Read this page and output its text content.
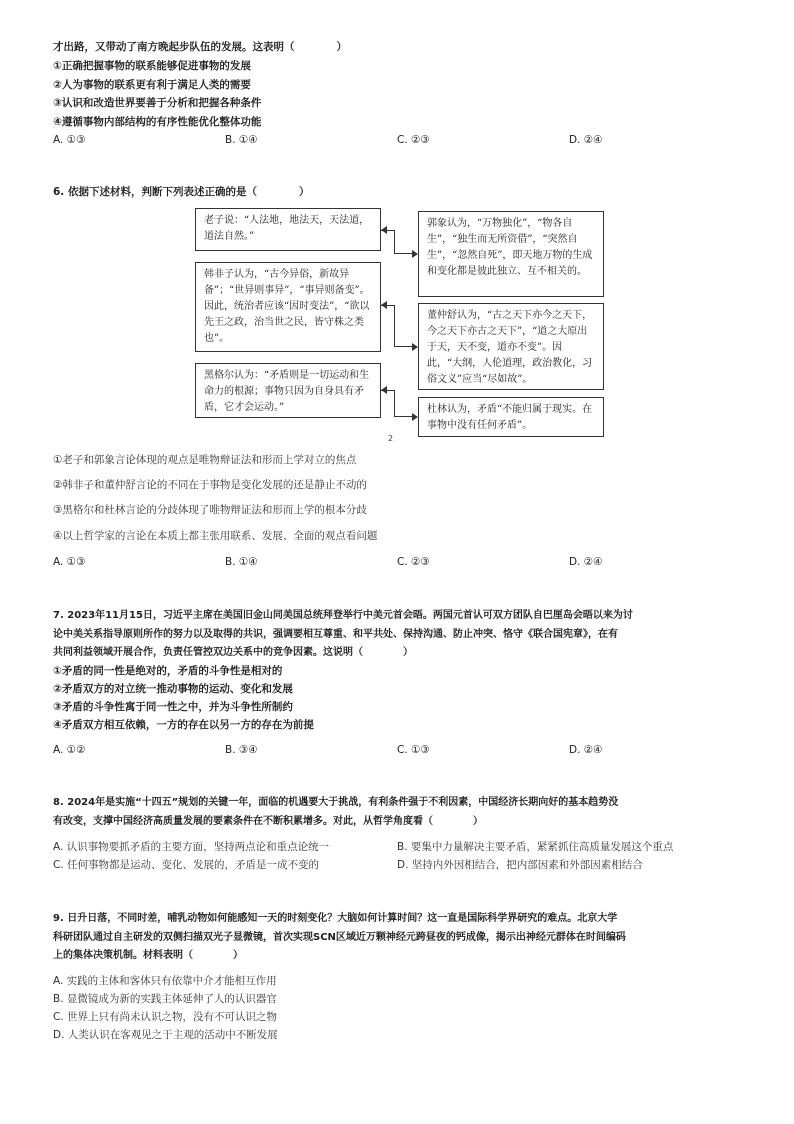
才出路，又带动了南方晚起步队伍的发展。这表明（　　　　）
①正确把握事物的联系能够促进事物的发展
②人为事物的联系更有利于满足人类的需要
③认识和改造世界要善于分析和把握各种条件
④遵循事物内部结构的有序性能优化整体功能
A. ①③	B. ①④	C. ②③	D. ②④
6. 依据下述材料，判断下列表述正确的是（　　　　）
老子说：“人法地，地法天，天法道，道法自然。”
韩非子认为，“古今异俗，新故异备”；“世异则事异”，“事异则备变”。因此，统治者应该“因时变法”，“欲以先王之政，治当世之民，皆守株之类也”。
黑格尔认为：“矛盾则是一切运动和生命力的根源；事物只因为自身具有矛盾，它才会运动。”
郭象认为，“万物独化”，“物各自生”，“独生而无所资借”，“突然自生”，“忽然自死”，即天地万物的生成和变化都是彼此独立、互不相关的。
董仲舒认为，“古之天下亦今之天下，今之天下亦古之天下”，“道之大原出于天，天不变，道亦不变”。因此，“大纲，人伦道理，政治教化，习俗文义”应当“尽如故”。
杜林认为，矛盾“不能归属于现实。在事物中没有任何矛盾”。
2
①老子和郭象言论体现的观点是唯物辩证法和形而上学对立的焦点
②韩非子和董仲舒言论的不同在于事物是变化发展的还是静止不动的
③黑格尔和杜林言论的分歧体现了唯物辩证法和形而上学的根本分歧
④以上哲学家的言论在本质上都主张用联系、发展、全面的观点看问题
A. ①③	B. ①④	C. ②③	D. ②④
7. 2023年11月15日，习近平主席在美国旧金山同美国总统拜登举行中美元首会晤。两国元首认可双方团队自巴厘岛会晤以来为讨
论中美关系指导原则所作的努力以及取得的共识，强调要相互尊重、和平共处、保持沟通、防止冲突、恪守《联合国宪章》，在有
共同利益领域开展合作，负责任管控双边关系中的竞争因素。这说明（　　　　）
①矛盾的同一性是绝对的，矛盾的斗争性是相对的
②矛盾双方的对立统一推动事物的运动、变化和发展
③矛盾的斗争性寓于同一性之中，并为斗争性所制约
④矛盾双方相互依赖，一方的存在以另一方的存在为前提
A. ①②	B. ③④	C. ①③	D. ②④
8. 2024年是实施“十四五”规划的关键一年，面临的机遇要大于挑战，有利条件强于不利因素，中国经济长期向好的基本趋势没
有改变，支撑中国经济高质量发展的要素条件在不断积累增多。对此，从哲学角度看（　　　　）
A. 认识事物要抓矛盾的主要方面，坚持两点论和重点论统一	B. 要集中力量解决主要矛盾，紧紧抓住高质量发展这个重点
C. 任何事物都是运动、变化、发展的，矛盾是一成不变的	D. 坚持内外因相结合，把内部因素和外部因素相结合
9. 日升日落，不同时差，哺乳动物如何能感知一天的时刻变化？大脑如何计算时间？这一直是国际科学界研究的难点。北京大学
科研团队通过自主研发的双侧扫描双光子显微镜，首次实现SCN区域近万颗神经元跨昼夜的钙成像，揭示出神经元群体在时间编码
上的集体决策机制。材料表明（　　　　）
A. 实践的主体和客体只有依靠中介才能相互作用
B. 显微镜成为新的实践主体延伸了人的认识器官
C. 世界上只有尚未认识之物，没有不可认识之物
D. 人类认识在客观见之于主观的活动中不断发展
